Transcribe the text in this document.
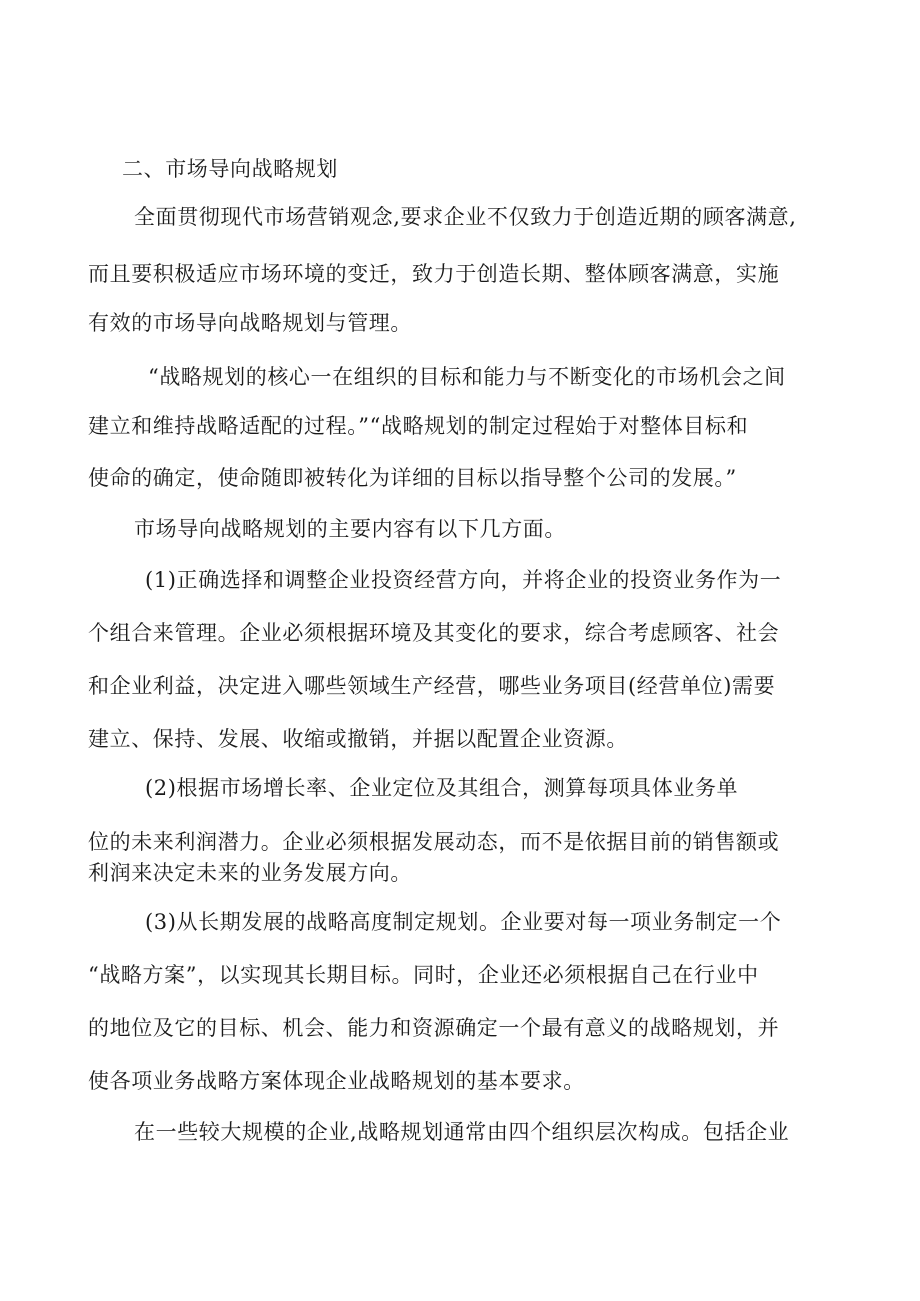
二、市场导向战略规划
全面贯彻现代市场营销观念,要求企业不仅致力于创造近期的顾客满意,
而且要积极适应市场环境的变迁，致力于创造长期、整体顾客满意，实施
有效的市场导向战略规划与管理。
“战略规划的核心一在组织的目标和能力与不断变化的市场机会之间
建立和维持战略适配的过程。”“战略规划的制定过程始于对整体目标和
使命的确定，使命随即被转化为详细的目标以指导整个公司的发展。”
市场导向战略规划的主要内容有以下几方面。
(1)正确选择和调整企业投资经营方向，并将企业的投资业务作为一
个组合来管理。企业必须根据环境及其变化的要求，综合考虑顾客、社会
和企业利益，决定进入哪些领域生产经营，哪些业务项目(经营单位)需要
建立、保持、发展、收缩或撤销，并据以配置企业资源。
(2)根据市场增长率、企业定位及其组合，测算每项具体业务单
位的未来利润潜力。企业必须根据发展动态，而不是依据目前的销售额或
利润来决定未来的业务发展方向。
(3)从长期发展的战略高度制定规划。企业要对每一项业务制定一个
“战略方案”，以实现其长期目标。同时，企业还必须根据自己在行业中
的地位及它的目标、机会、能力和资源确定一个最有意义的战略规划，并
使各项业务战略方案体现企业战略规划的基本要求。
在一些较大规模的企业,战略规划通常由四个组织层次构成。包括企业
